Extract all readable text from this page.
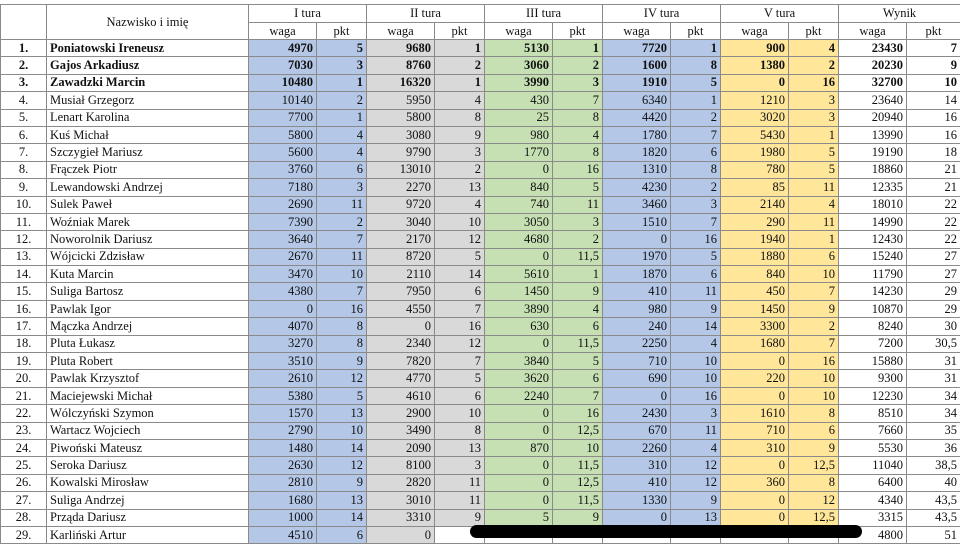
	Nazwisko i imię	I tura		II tura		III tura		IV tura		V tura		Wynik	
		waga	pkt	waga	pkt	waga	pkt	waga	pkt	waga	pkt	waga	pkt
1.	Poniatowski Ireneusz	4970	5	9680	1	5130	1	7720	1	900	4	23430	7
2.	Gajos Arkadiusz	7030	3	8760	2	3060	2	1600	8	1380	2	20230	9
3.	Zawadzki Marcin	10480	1	16320	1	3990	3	1910	5	0	16	32700	10
4.	Musiał Grzegorz	10140	2	5950	4	430	7	6340	1	1210	3	23640	14
5.	Lenart Karolina	7700	1	5800	8	25	8	4420	2	3020	3	20940	16
6.	Kuś Michał	5800	4	3080	9	980	4	1780	7	5430	1	13990	16
7.	Szczygieł Mariusz	5600	4	9790	3	1770	8	1820	6	1980	5	19190	18
8.	Frączek Piotr	3760	6	13010	2	0	16	1310	8	780	5	18860	21
9.	Lewandowski Andrzej	7180	3	2270	13	840	5	4230	2	85	11	12335	21
10.	Sulek Paweł	2690	11	9720	4	740	11	3460	3	2140	4	18010	22
11.	Woźniak Marek	7390	2	3040	10	3050	3	1510	7	290	11	14990	22
12.	Noworolnik Dariusz	3640	7	2170	12	4680	2	0	16	1940	1	12430	22
13.	Wójcicki Zdzisław	2670	11	8720	5	0	11,5	1970	5	1880	6	15240	27
14.	Kuta Marcin	3470	10	2110	14	5610	1	1870	6	840	10	11790	27
15.	Suliga Bartosz	4380	7	7950	6	1450	9	410	11	450	7	14230	29
16.	Pawlak Igor	0	16	4550	7	3890	4	980	9	1450	9	10870	29
17.	Mączka Andrzej	4070	8	0	16	630	6	240	14	3300	2	8240	30
18.	Pluta Łukasz	3270	8	2340	12	0	11,5	2250	4	1680	7	7200	30,5
19.	Pluta Robert	3510	9	7820	7	3840	5	710	10	0	16	15880	31
20.	Pawlak Krzysztof	2610	12	4770	5	3620	6	690	10	220	10	9300	31
21.	Maciejewski Michał	5380	5	4610	6	2240	7	0	16	0	10	12230	34
22.	Wólczyński Szymon	1570	13	2900	10	0	16	2430	3	1610	8	8510	34
23.	Wartacz Wojciech	2790	10	3490	8	0	12,5	670	11	710	6	7660	35
24.	Piwoński Mateusz	1480	14	2090	13	870	10	2260	4	310	9	5530	36
25.	Seroka Dariusz	2630	12	8100	3	0	11,5	310	12	0	12,5	11040	38,5
26.	Kowalski Mirosław	2810	9	2820	11	0	12,5	410	12	360	8	6400	40
27.	Suliga Andrzej	1680	13	3010	11	0	11,5	1330	9	0	12	4340	43,5
28.	Prząda Dariusz	1000	14	3310	9	5	9	0	13	0	12,5	3315	43,5
29.	Karliński Artur	4510	6	0								4800	51
